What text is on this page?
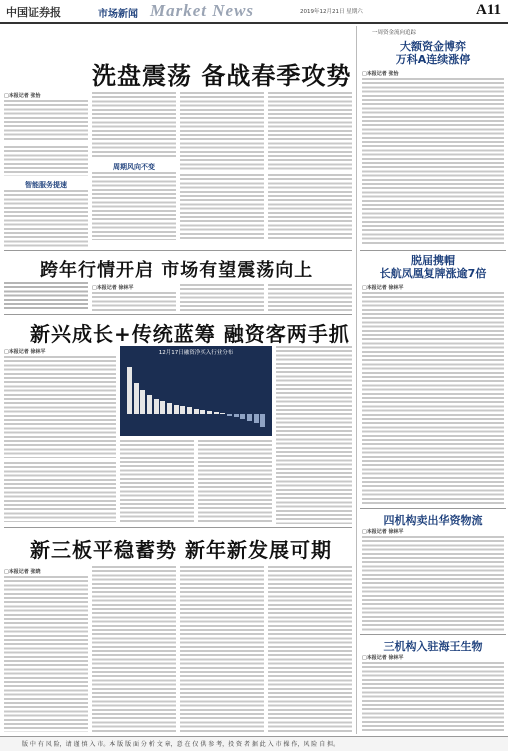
中国证券报	市场新闻 Market News	2019年12月21日 星期六	A11
洗盘震荡 备战春季攻势
□本报记者 张怡
智能服务提速
周期风向不变
跨年行情开启 市场有望震荡向上
□本报记者 徐林平
新兴成长+传统蓝筹 融资客两手抓
□本报记者 徐林平	12月17日融资净买入行业分布
新三板平稳蓄势 新年新发展可期
□本报记者 张晓
一周资金流向追踪
大额资金博弈
万科A连续涨停
□本报记者 张怡
脱届携帽
长航凤凰复牌涨逾7倍
□本报记者 徐林平
四机构卖出华资物流
□本报记者 徐林平
三机构入驻海王生物
□本报记者 徐林平
版 中 有 风 险，请 谨 慎 入 市。本 版 版 面 分 析 文 章，意 在 仅 供 参 考，投 资 者 据 此 入 市 操 作，风 险 自 担。
